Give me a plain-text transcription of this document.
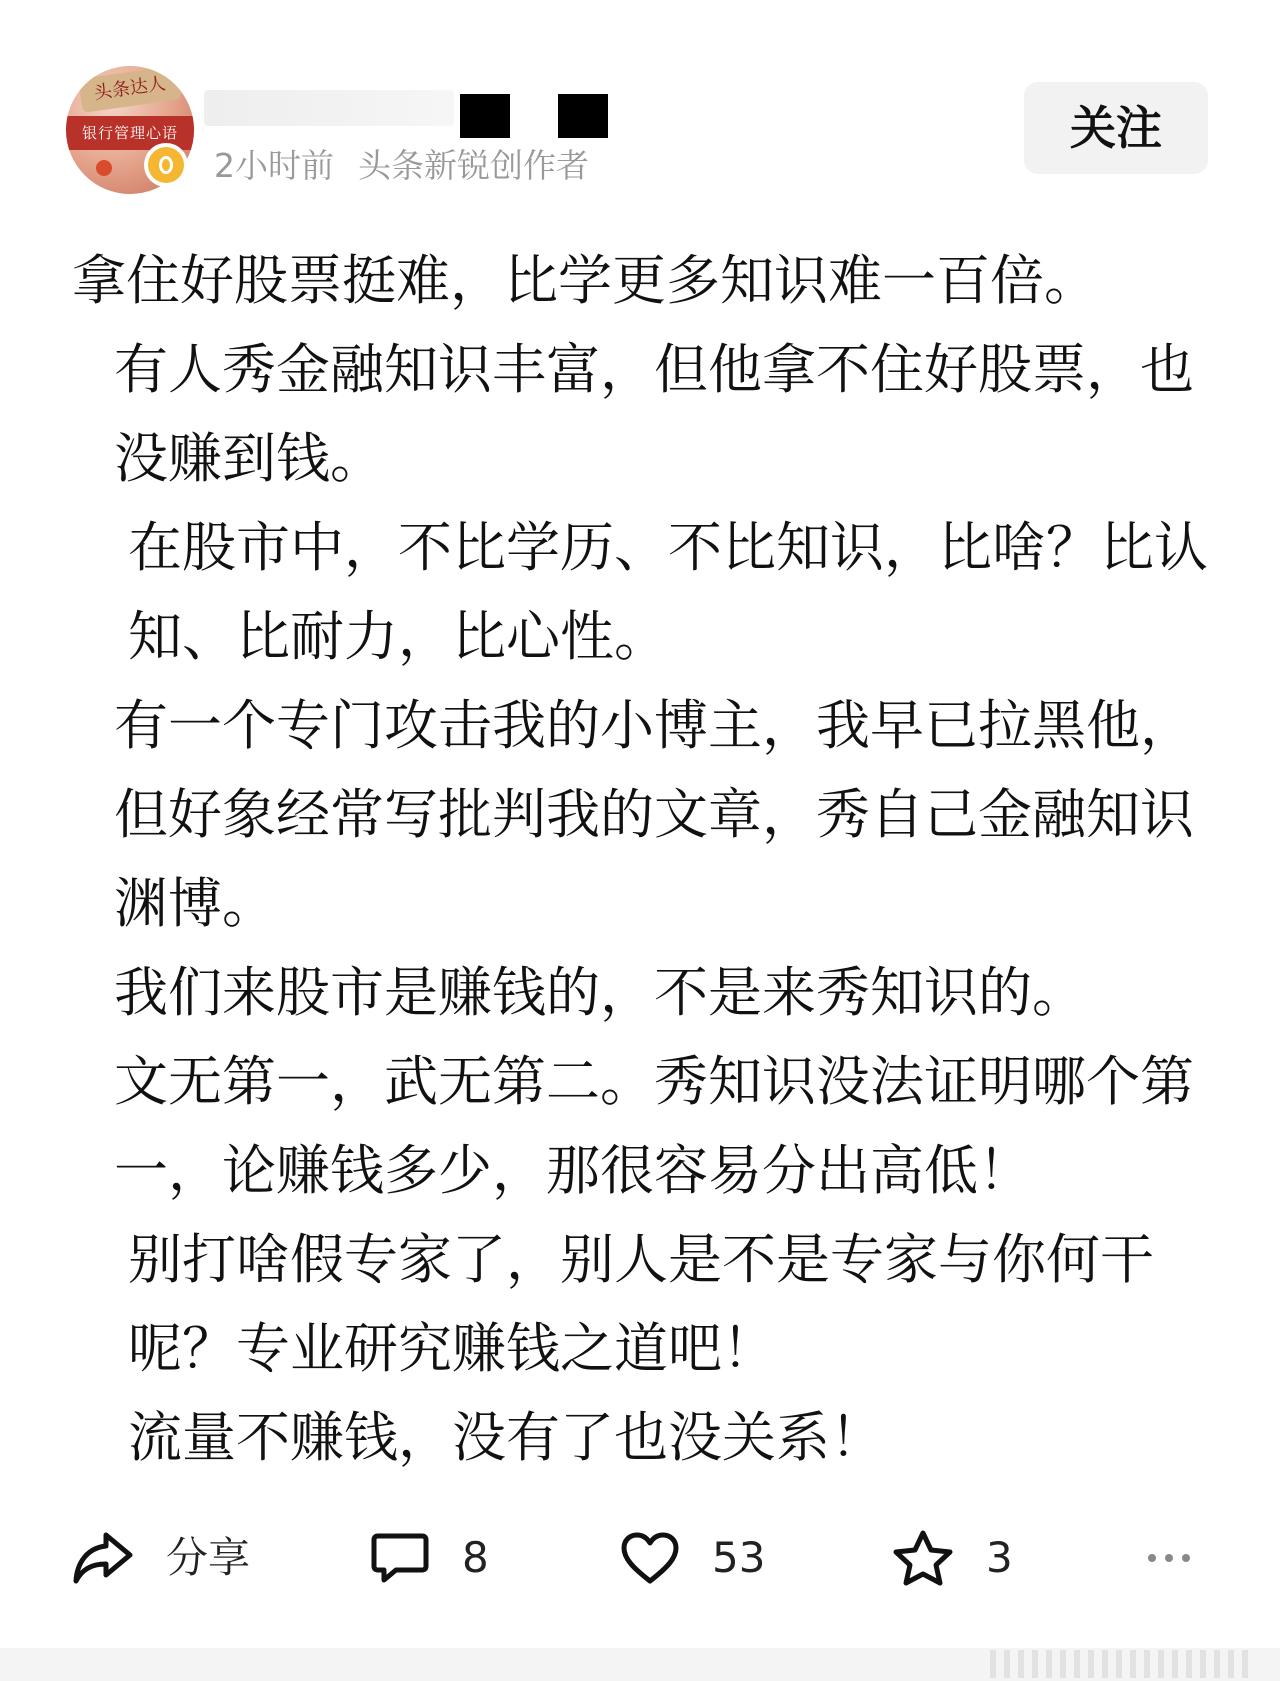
头条达人
银行管理心语
2小时前 头条新锐创作者
关注

拿住好股票挺难，比学更多知识难一百倍。

有人秀金融知识丰富，但他拿不住好股票，也没赚到钱。

在股市中，不比学历、不比知识，比啥？比认知、比耐力，比心性。

有一个专门攻击我的小博主，我早已拉黑他，但好象经常写批判我的文章，秀自己金融知识渊博。

我们来股市是赚钱的，不是来秀知识的。

文无第一，武无第二。秀知识没法证明哪个第一，论赚钱多少，那很容易分出高低！

别打啥假专家了，别人是不是专家与你何干呢？专业研究赚钱之道吧！

流量不赚钱，没有了也没关系！

分享	8	53	3
